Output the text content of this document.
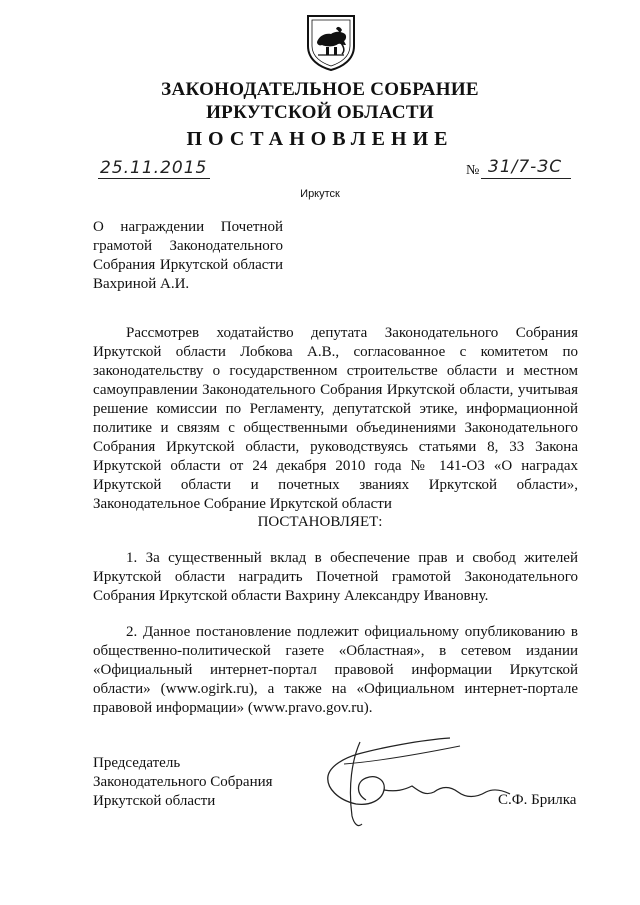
ЗАКОНОДАТЕЛЬНОЕ СОБРАНИЕ
ИРКУТСКОЙ ОБЛАСТИ
ПОСТАНОВЛЕНИЕ
25.11.2015	№ 31/7-ЗС
Иркутск
О награждении Почетной грамотой Законодательного Собрания Иркутской области Вахриной А.И.
Рассмотрев ходатайство депутата Законодательного Собрания Иркутской области Лобкова А.В., согласованное с комитетом по законодательству о государственном строительстве области и местном самоуправлении Законодательного Собрания Иркутской области, учитывая решение комиссии по Регламенту, депутатской этике, информационной политике и связям с общественными объединениями Законодательного Собрания Иркутской области, руководствуясь статьями 8, 33 Закона Иркутской области от 24 декабря 2010 года № 141-ОЗ «О наградах Иркутской области и почетных званиях Иркутской области», Законодательное Собрание Иркутской области
ПОСТАНОВЛЯЕТ:
1. За существенный вклад в обеспечение прав и свобод жителей Иркутской области наградить Почетной грамотой Законодательного Собрания Иркутской области Вахрину Александру Ивановну.
2. Данное постановление подлежит официальному опубликованию в общественно-политической газете «Областная», в сетевом издании «Официальный интернет-портал правовой информации Иркутской области» (www.ogirk.ru), а также на «Официальном интернет-портале правовой информации» (www.pravo.gov.ru).
Председатель
Законодательного Собрания
Иркутской области	С.Ф. Брилка
